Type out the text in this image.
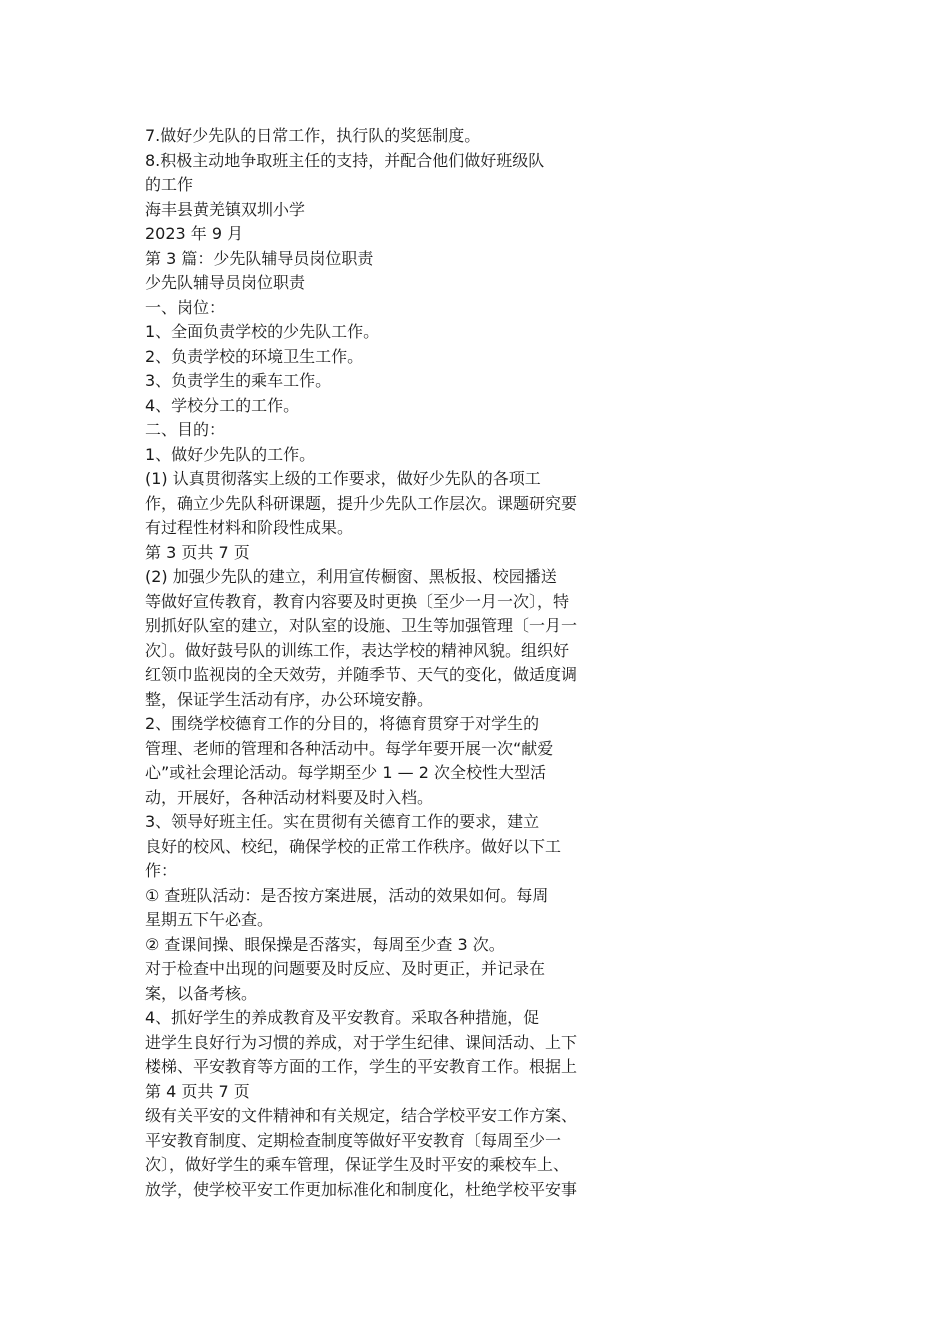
7.做好少先队的日常工作，执行队的奖惩制度。
8.积极主动地争取班主任的支持，并配合他们做好班级队
的工作
海丰县黄羌镇双圳小学
2023 年 9 月
第 3 篇：少先队辅导员岗位职责
少先队辅导员岗位职责
一、岗位：
1、全面负责学校的少先队工作。
2、负责学校的环境卫生工作。
3、负责学生的乘车工作。
4、学校分工的工作。
二、目的：
1、做好少先队的工作。
(1) 认真贯彻落实上级的工作要求，做好少先队的各项工
作，确立少先队科研课题，提升少先队工作层次。课题研究要
有过程性材料和阶段性成果。
第 3 页共 7 页
(2) 加强少先队的建立，利用宣传橱窗、黑板报、校园播送
等做好宣传教育，教育内容要及时更换〔至少一月一次〕，特
别抓好队室的建立，对队室的设施、卫生等加强管理〔一月一
次〕。做好鼓号队的训练工作，表达学校的精神风貌。组织好
红领巾监视岗的全天效劳，并随季节、天气的变化，做适度调
整，保证学生活动有序，办公环境安静。
2、围绕学校德育工作的分目的，将德育贯穿于对学生的
管理、老师的管理和各种活动中。每学年要开展一次“献爱
心”或社会理论活动。每学期至少 1 — 2 次全校性大型活
动，开展好，各种活动材料要及时入档。
3、领导好班主任。实在贯彻有关德育工作的要求，建立
良好的校风、校纪，确保学校的正常工作秩序。做好以下工
作：
① 查班队活动：是否按方案进展，活动的效果如何。每周
星期五下午必查。
② 查课间操、眼保操是否落实，每周至少查 3 次。
对于检查中出现的问题要及时反应、及时更正，并记录在
案，以备考核。
4、抓好学生的养成教育及平安教育。采取各种措施，促
进学生良好行为习惯的养成，对于学生纪律、课间活动、上下
楼梯、平安教育等方面的工作，学生的平安教育工作。根据上
第 4 页共 7 页
级有关平安的文件精神和有关规定，结合学校平安工作方案、
平安教育制度、定期检查制度等做好平安教育〔每周至少一
次〕，做好学生的乘车管理，保证学生及时平安的乘校车上、
放学，使学校平安工作更加标准化和制度化，杜绝学校平安事
